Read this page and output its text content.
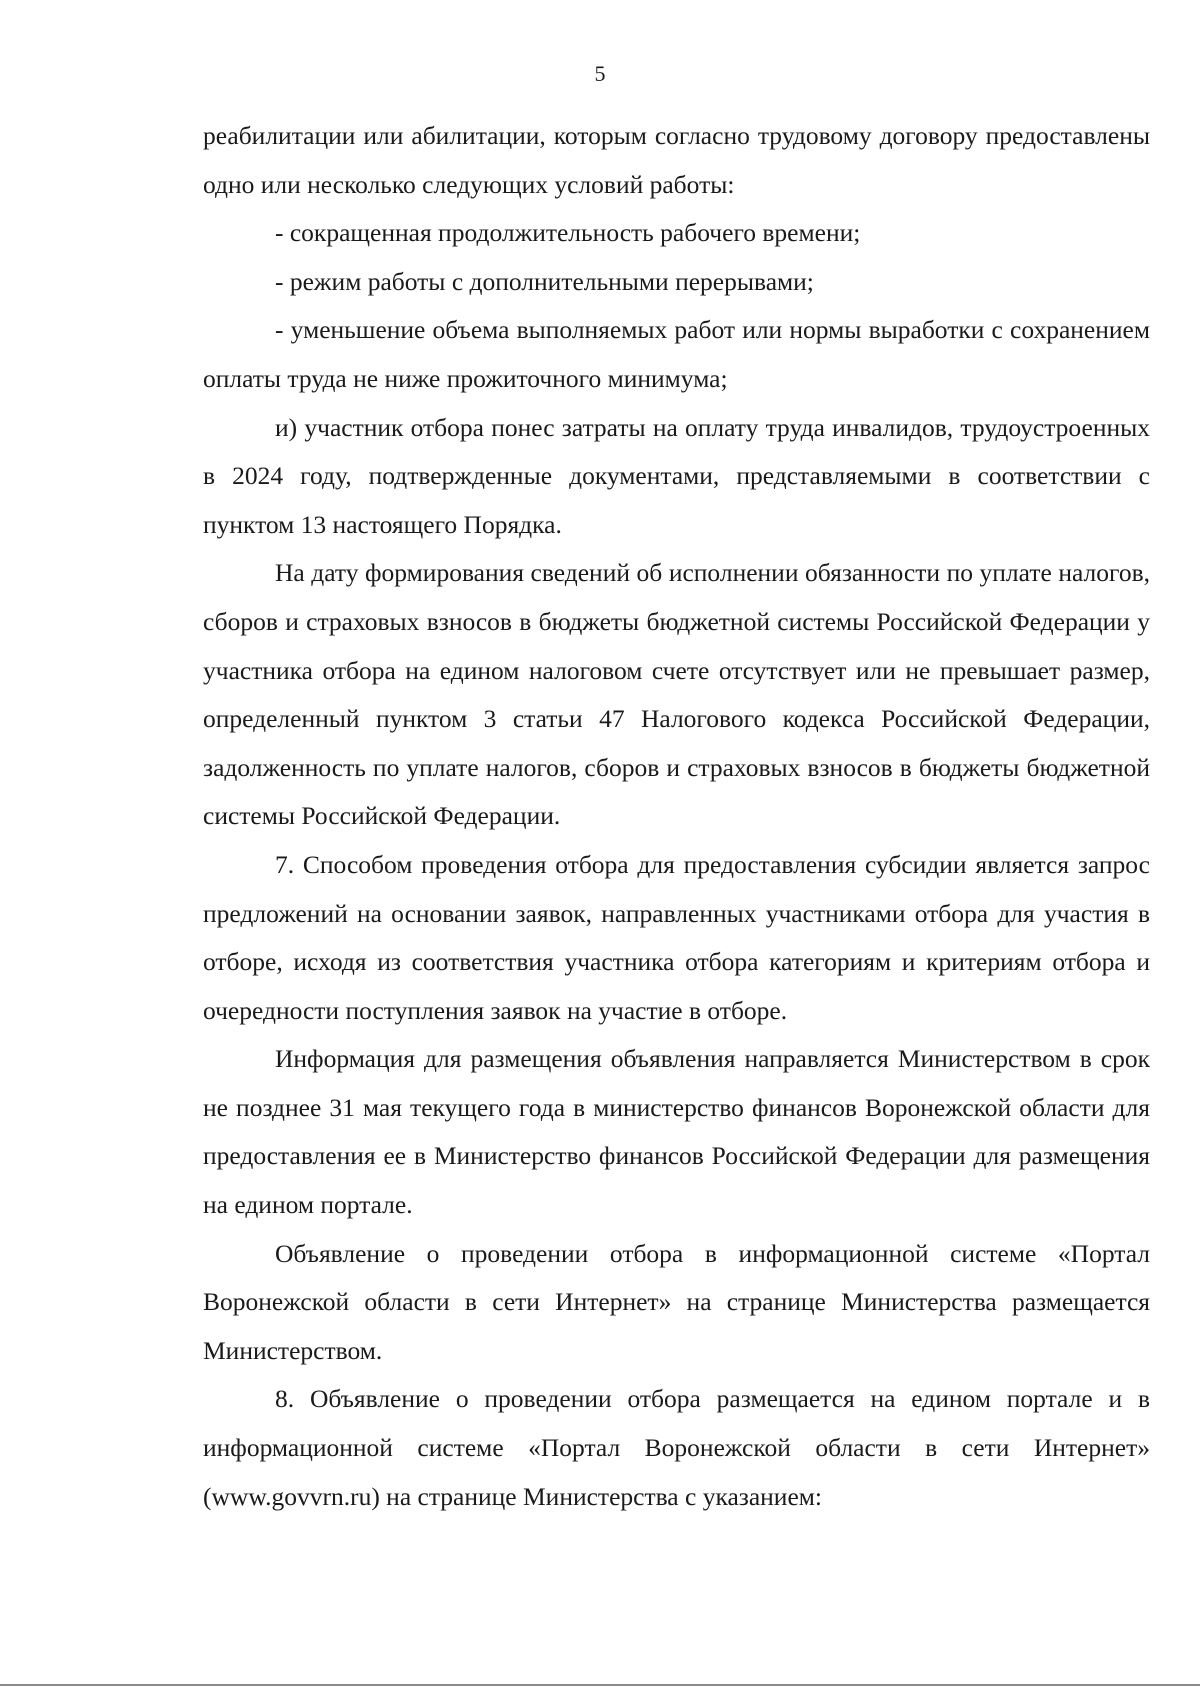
5

реабилитации или абилитации, которым согласно трудовому договору предоставлены одно или несколько следующих условий работы:

- сокращенная продолжительность рабочего времени;

- режим работы с дополнительными перерывами;

- уменьшение объема выполняемых работ или нормы выработки с сохранением оплаты труда не ниже прожиточного минимума;

и) участник отбора понес затраты на оплату труда инвалидов, трудоустроенных в 2024 году, подтвержденные документами, представляемыми в соответствии с пунктом 13 настоящего Порядка.

На дату формирования сведений об исполнении обязанности по уплате налогов, сборов и страховых взносов в бюджеты бюджетной системы Российской Федерации у участника отбора на едином налоговом счете отсутствует или не превышает размер, определенный пунктом 3 статьи 47 Налогового кодекса Российской Федерации, задолженность по уплате налогов, сборов и страховых взносов в бюджеты бюджетной системы Российской Федерации.

7. Способом проведения отбора для предоставления субсидии является запрос предложений на основании заявок, направленных участниками отбора для участия в отборе, исходя из соответствия участника отбора категориям и критериям отбора и очередности поступления заявок на участие в отборе.

Информация для размещения объявления направляется Министерством в срок не позднее 31 мая текущего года в министерство финансов Воронежской области для предоставления ее в Министерство финансов Российской Федерации для размещения на едином портале.

Объявление о проведении отбора в информационной системе «Портал Воронежской области в сети Интернет» на странице Министерства размещается Министерством.

8. Объявление о проведении отбора размещается на едином портале и в информационной системе «Портал Воронежской области в сети Интернет» (www.govvrn.ru) на странице Министерства с указанием:
